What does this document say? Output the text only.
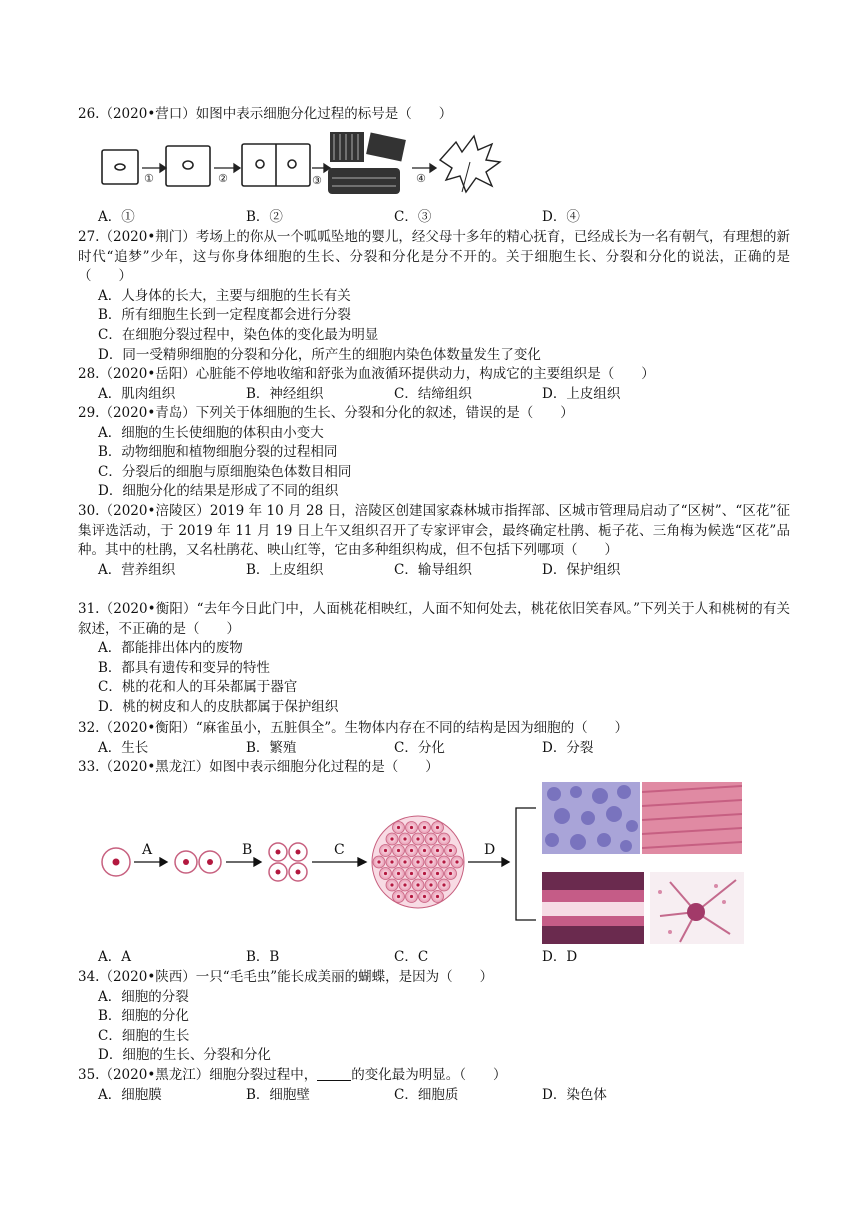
26.（2020•营口）如图中表示细胞分化过程的标号是（　　）

①	②	③	④
A．①	B．②	C．③	D．④

27.（2020•荆门）考场上的你从一个呱呱坠地的婴儿，经父母十多年的精心抚育，已经成长为一名有朝气，有理想的新时代“追梦”少年，这与你身体细胞的生长、分裂和分化是分不开的。关于细胞生长、分裂和分化的说法，正确的是（　　）

A．人身体的长大，主要与细胞的生长有关

B．所有细胞生长到一定程度都会进行分裂

C．在细胞分裂过程中，染色体的变化最为明显

D．同一受精卵细胞的分裂和分化，所产生的细胞内染色体数量发生了变化

28.（2020•岳阳）心脏能不停地收缩和舒张为血液循环提供动力，构成它的主要组织是（　　）

A．肌肉组织	B．神经组织	C．结缔组织	D．上皮组织

29.（2020•青岛）下列关于体细胞的生长、分裂和分化的叙述，错误的是（　　）

A．细胞的生长使细胞的体积由小变大

B．动物细胞和植物细胞分裂的过程相同

C．分裂后的细胞与原细胞染色体数目相同

D．细胞分化的结果是形成了不同的组织

30.（2020•涪陵区）2019 年 10 月 28 日，涪陵区创建国家森林城市指挥部、区城市管理局启动了“区树”、“区花”征集评选活动，于 2019 年 11 月 19 日上午又组织召开了专家评审会，最终确定杜鹃、栀子花、三角梅为候选“区花”品种。其中的杜鹃，又名杜鹃花、映山红等，它由多种组织构成，但不包括下列哪项（　　）

A．营养组织	B．上皮组织	C．输导组织	D．保护组织

31.（2020•衡阳）“去年今日此门中，人面桃花相映红，人面不知何处去，桃花依旧笑春风。”下列关于人和桃树的有关叙述，不正确的是（　　）

A．都能排出体内的废物

B．都具有遗传和变异的特性

C．桃的花和人的耳朵都属于器官

D．桃的树皮和人的皮肤都属于保护组织

32.（2020•衡阳）“麻雀虽小，五脏俱全”。生物体内存在不同的结构是因为细胞的（　　）

A．生长	B．繁殖	C．分化	D．分裂

33.（2020•黑龙江）如图中表示细胞分化过程的是（　　）

A	B	C	D
A．A	B．B	C．C	D．D

34.（2020•陕西）一只“毛毛虫”能长成美丽的蝴蝶，是因为（　　）

A．细胞的分裂

B．细胞的分化

C．细胞的生长

D．细胞的生长、分裂和分化

35.（2020•黑龙江）细胞分裂过程中，	的变化最为明显。（　　）

A．细胞膜	B．细胞壁	C．细胞质	D．染色体
